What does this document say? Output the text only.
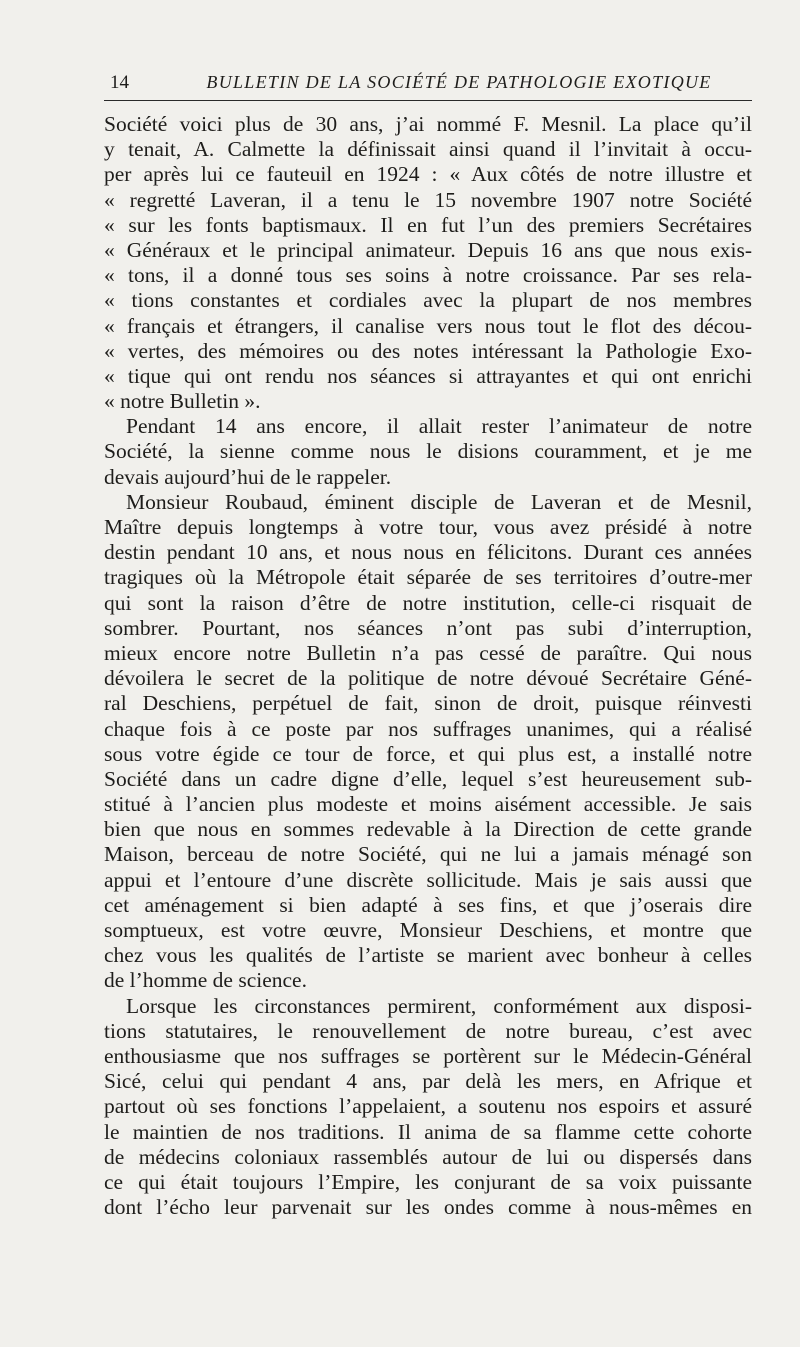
14	BULLETIN DE LA SOCIÉTÉ DE PATHOLOGIE EXOTIQUE
Société voici plus de 30 ans, j’ai nommé F. Mesnil. La place qu’il
y tenait, A. Calmette la définissait ainsi quand il l’invitait à occu-
per après lui ce fauteuil en 1924 : « Aux côtés de notre illustre et
« regretté Laveran, il a tenu le 15 novembre 1907 notre Société
« sur les fonts baptismaux. Il en fut l’un des premiers Secrétaires
« Généraux et le principal animateur. Depuis 16 ans que nous exis-
« tons, il a donné tous ses soins à notre croissance. Par ses rela-
« tions constantes et cordiales avec la plupart de nos membres
« français et étrangers, il canalise vers nous tout le flot des décou-
« vertes, des mémoires ou des notes intéressant la Pathologie Exo-
« tique qui ont rendu nos séances si attrayantes et qui ont enrichi
« notre Bulletin ».
Pendant 14 ans encore, il allait rester l’animateur de notre
Société, la sienne comme nous le disions couramment, et je me
devais aujourd’hui de le rappeler.
Monsieur Roubaud, éminent disciple de Laveran et de Mesnil,
Maître depuis longtemps à votre tour, vous avez présidé à notre
destin pendant 10 ans, et nous nous en félicitons. Durant ces années
tragiques où la Métropole était séparée de ses territoires d’outre-mer
qui sont la raison d’être de notre institution, celle-ci risquait de
sombrer. Pourtant, nos séances n’ont pas subi d’interruption,
mieux encore notre Bulletin n’a pas cessé de paraître. Qui nous
dévoilera le secret de la politique de notre dévoué Secrétaire Géné-
ral Deschiens, perpétuel de fait, sinon de droit, puisque réinvesti
chaque fois à ce poste par nos suffrages unanimes, qui a réalisé
sous votre égide ce tour de force, et qui plus est, a installé notre
Société dans un cadre digne d’elle, lequel s’est heureusement sub-
stitué à l’ancien plus modeste et moins aisément accessible. Je sais
bien que nous en sommes redevable à la Direction de cette grande
Maison, berceau de notre Société, qui ne lui a jamais ménagé son
appui et l’entoure d’une discrète sollicitude. Mais je sais aussi que
cet aménagement si bien adapté à ses fins, et que j’oserais dire
somptueux, est votre œuvre, Monsieur Deschiens, et montre que
chez vous les qualités de l’artiste se marient avec bonheur à celles
de l’homme de science.
Lorsque les circonstances permirent, conformément aux disposi-
tions statutaires, le renouvellement de notre bureau, c’est avec
enthousiasme que nos suffrages se portèrent sur le Médecin-Général
Sicé, celui qui pendant 4 ans, par delà les mers, en Afrique et
partout où ses fonctions l’appelaient, a soutenu nos espoirs et assuré
le maintien de nos traditions. Il anima de sa flamme cette cohorte
de médecins coloniaux rassemblés autour de lui ou dispersés dans
ce qui était toujours l’Empire, les conjurant de sa voix puissante
dont l’écho leur parvenait sur les ondes comme à nous-mêmes en
